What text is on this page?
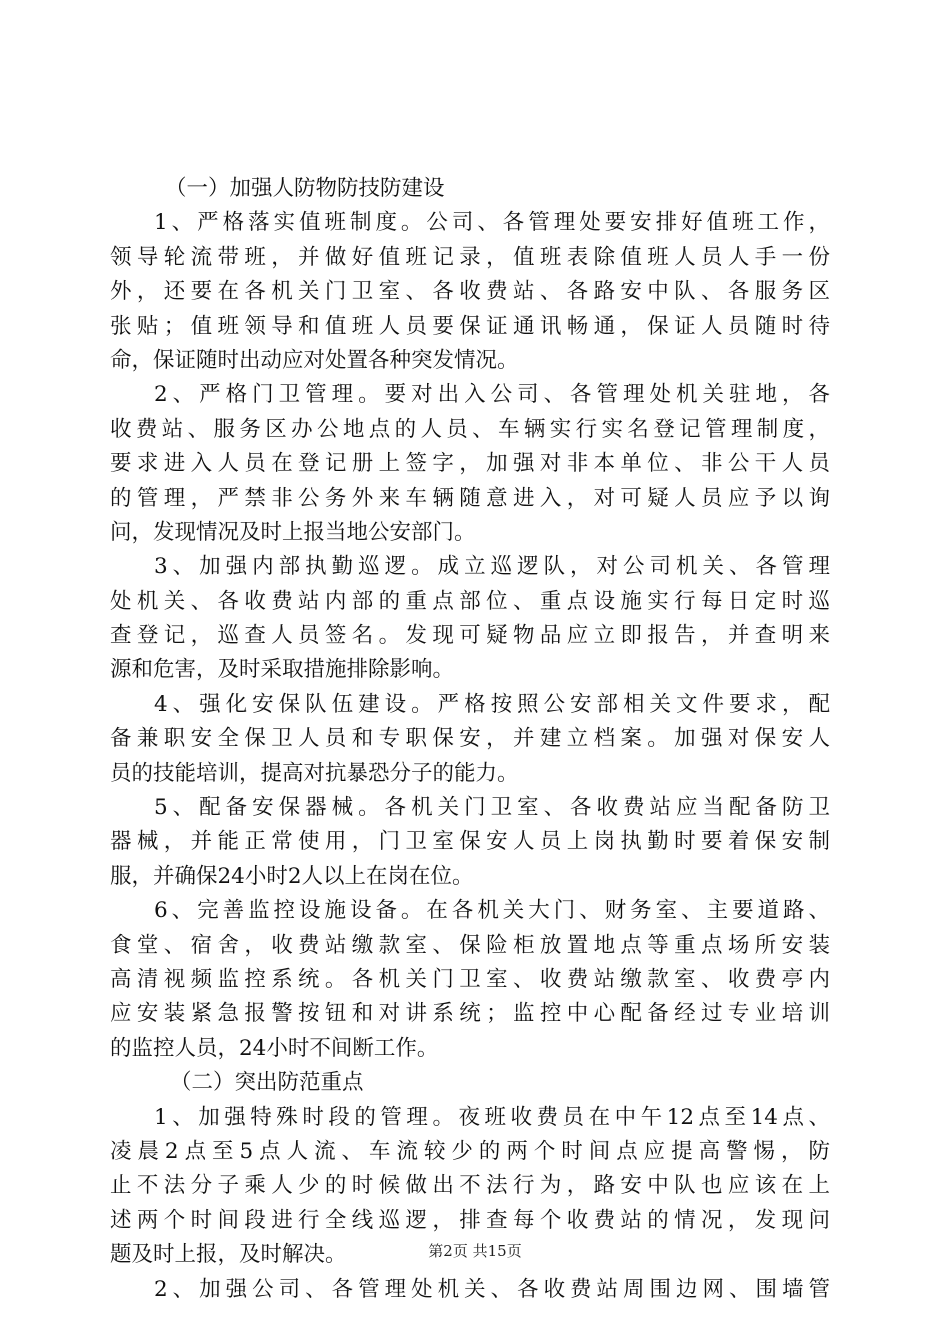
（一）加强人防物防技防建设
1、严格落实值班制度。公司、各管理处要安排好值班工作，
领导轮流带班，并做好值班记录，值班表除值班人员人手一份
外，还要在各机关门卫室、各收费站、各路安中队、各服务区
张贴；值班领导和值班人员要保证通讯畅通，保证人员随时待
命，保证随时出动应对处置各种突发情况。
2、严格门卫管理。要对出入公司、各管理处机关驻地，各
收费站、服务区办公地点的人员、车辆实行实名登记管理制度，
要求进入人员在登记册上签字，加强对非本单位、非公干人员
的管理，严禁非公务外来车辆随意进入，对可疑人员应予以询
问，发现情况及时上报当地公安部门。
3、加强内部执勤巡逻。成立巡逻队，对公司机关、各管理
处机关、各收费站内部的重点部位、重点设施实行每日定时巡
查登记，巡查人员签名。发现可疑物品应立即报告，并查明来
源和危害，及时采取措施排除影响。
4、强化安保队伍建设。严格按照公安部相关文件要求，配
备兼职安全保卫人员和专职保安，并建立档案。加强对保安人
员的技能培训，提高对抗暴恐分子的能力。
5、配备安保器械。各机关门卫室、各收费站应当配备防卫
器械，并能正常使用，门卫室保安人员上岗执勤时要着保安制
服，并确保24小时2人以上在岗在位。
6、完善监控设施设备。在各机关大门、财务室、主要道路、
食堂、宿舍，收费站缴款室、保险柜放置地点等重点场所安装
高清视频监控系统。各机关门卫室、收费站缴款室、收费亭内
应安装紧急报警按钮和对讲系统；监控中心配备经过专业培训
的监控人员，24小时不间断工作。
（二）突出防范重点
1、加强特殊时段的管理。夜班收费员在中午12点至14点、
凌晨2点至5点人流、车流较少的两个时间点应提高警惕，防
止不法分子乘人少的时候做出不法行为，路安中队也应该在上
述两个时间段进行全线巡逻，排查每个收费站的情况，发现问
题及时上报，及时解决。
2、加强公司、各管理处机关、各收费站周围边网、围墙管
第2页 共15页
